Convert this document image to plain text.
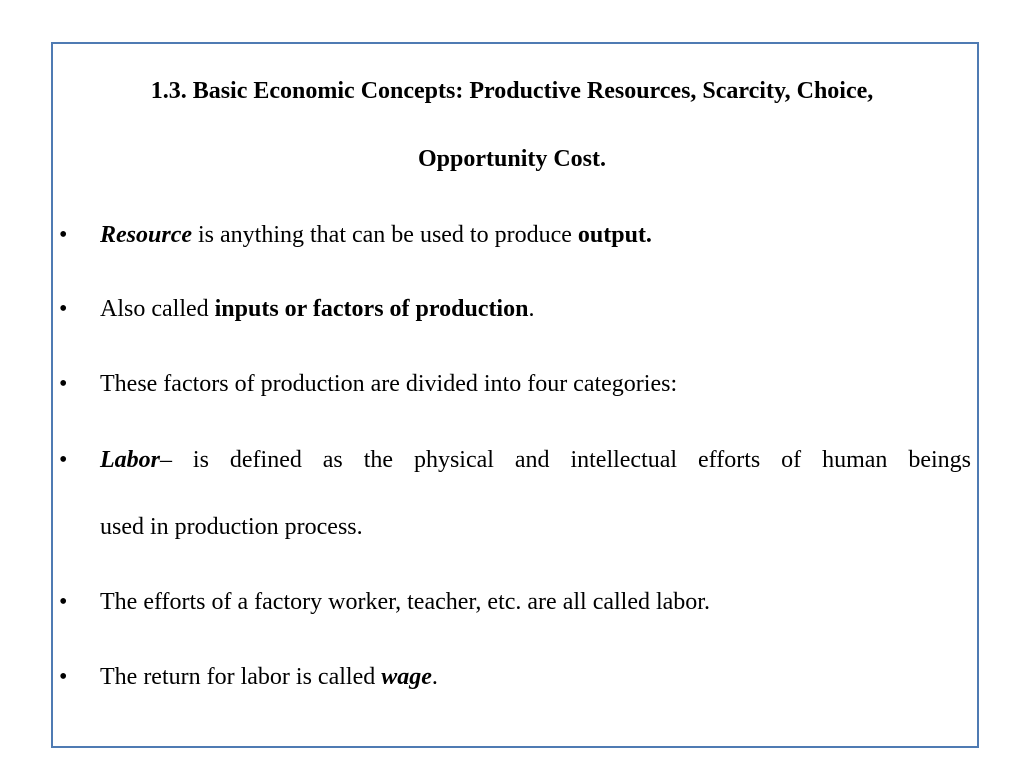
1.3. Basic Economic Concepts: Productive Resources, Scarcity, Choice,
Opportunity Cost.
•	Resource is anything that can be used to produce output.
•	Also called inputs or factors of production.
•	These factors of production are divided into four categories:
•	Labor– is defined as the physical and intellectual efforts of human beings
used in production process.
•	The efforts of a factory worker, teacher, etc. are all called labor.
•	The return for labor is called wage.
